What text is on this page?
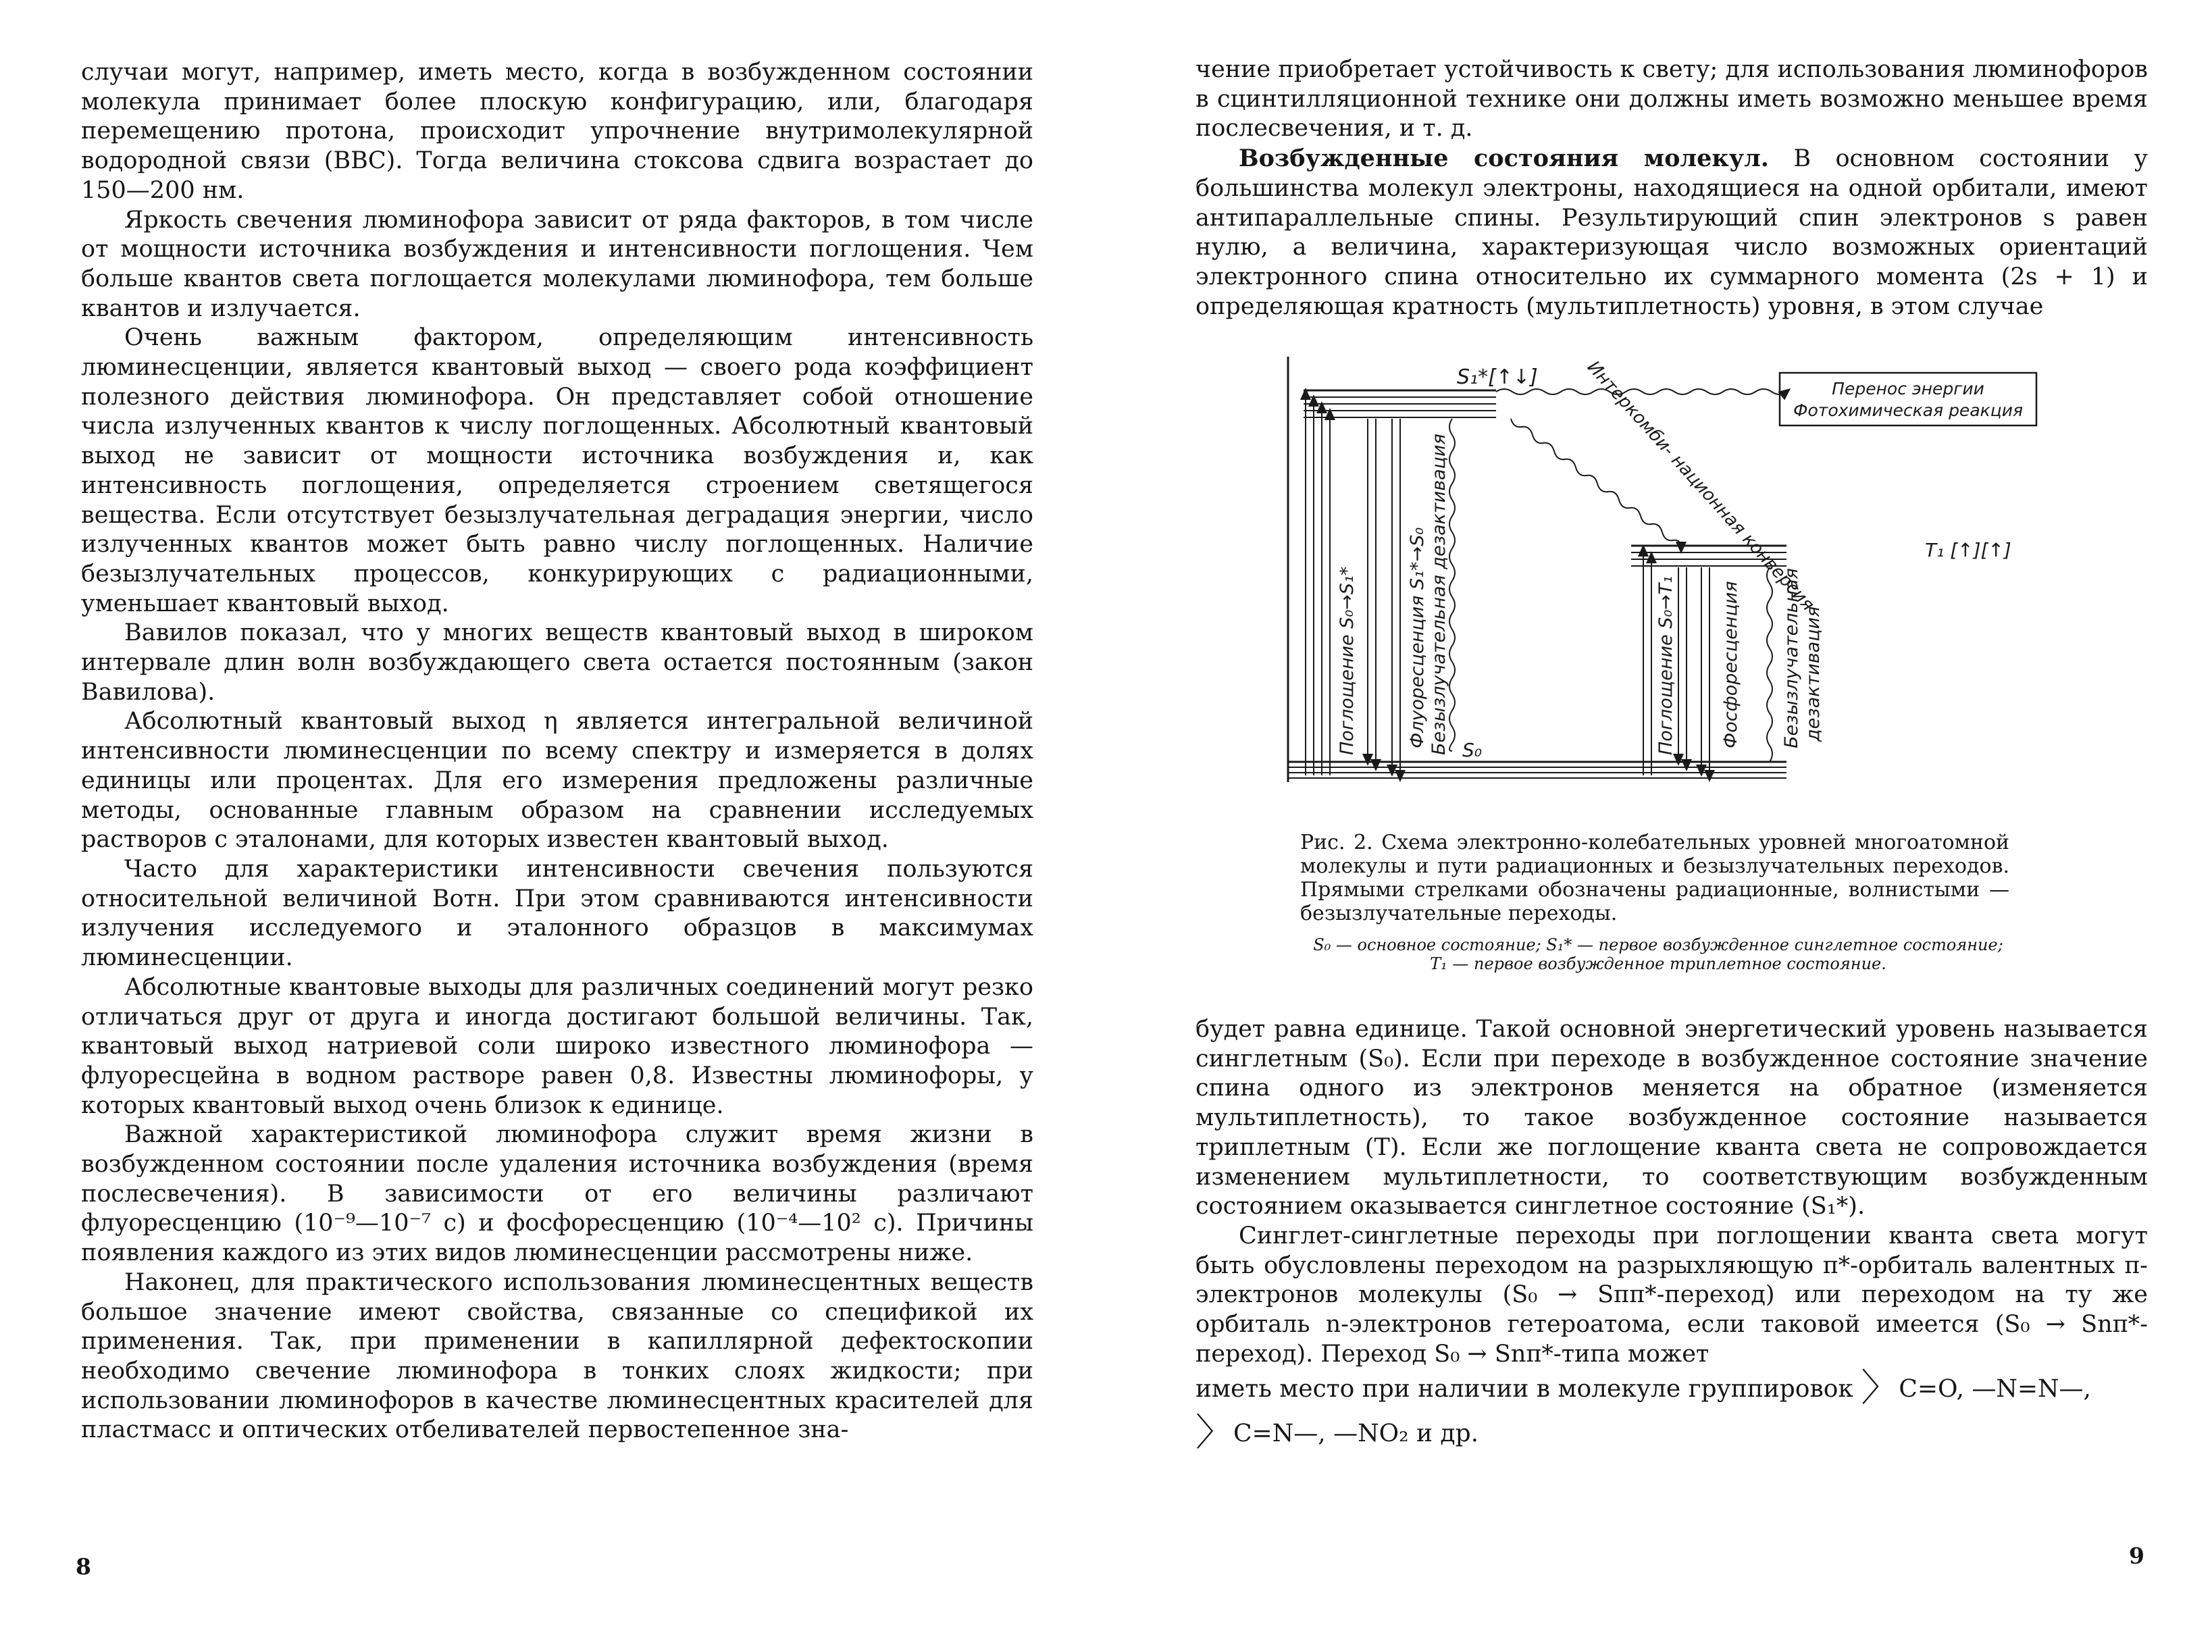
случаи могут, например, иметь место, когда в возбужденном состоянии молекула принимает более плоскую конфигурацию, или, благодаря перемещению протона, происходит упрочнение внутримолекулярной водородной связи (ВВС). Тогда величина стоксова сдвига возрастает до 150—200 нм.

Яркость свечения люминофора зависит от ряда факторов, в том числе от мощности источника возбуждения и интенсивности поглощения. Чем больше квантов света поглощается молекулами люминофора, тем больше квантов и излучается.

Очень важным фактором, определяющим интенсивность люминесценции, является квантовый выход — своего рода коэффициент полезного действия люминофора. Он представляет собой отношение числа излученных квантов к числу поглощенных. Абсолютный квантовый выход не зависит от мощности источника возбуждения и, как интенсивность поглощения, определяется строением светящегося вещества. Если отсутствует безызлучательная деградация энергии, число излученных квантов может быть равно числу поглощенных. Наличие безызлучательных процессов, конкурирующих с радиационными, уменьшает квантовый выход.

Вавилов показал, что у многих веществ квантовый выход в широком интервале длин волн возбуждающего света остается постоянным (закон Вавилова).

Абсолютный квантовый выход η является интегральной величиной интенсивности люминесценции по всему спектру и измеряется в долях единицы или процентах. Для его измерения предложены различные методы, основанные главным образом на сравнении исследуемых растворов с эталонами, для которых известен квантовый выход.

Часто для характеристики интенсивности свечения пользуются относительной величиной Bотн. При этом сравниваются интенсивности излучения исследуемого и эталонного образцов в максимумах люминесценции.

Абсолютные квантовые выходы для различных соединений могут резко отличаться друг от друга и иногда достигают большой величины. Так, квантовый выход натриевой соли широко известного люминофора — флуоресцейна в водном растворе равен 0,8. Известны люминофоры, у которых квантовый выход очень близок к единице.

Важной характеристикой люминофора служит время жизни в возбужденном состоянии после удаления источника возбуждения (время послесвечения). В зависимости от его величины различают флуоресценцию (10⁻⁹—10⁻⁷ с) и фосфоресценцию (10⁻⁴—10² с). Причины появления каждого из этих видов люминесценции рассмотрены ниже.

Наконец, для практического использования люминесцентных веществ большое значение имеют свойства, связанные со спецификой их применения. Так, при применении в капиллярной дефектоскопии необходимо свечение люминофора в тонких слоях жидкости; при использовании люминофоров в качестве люминесцентных красителей для пластмасс и оптических отбеливателей первостепенное зна-

8

чение приобретает устойчивость к свету; для использования люминофоров в сцинтилляционной технике они должны иметь возможно меньшее время послесвечения, и т. д.

Возбужденные состояния молекул. В основном состоянии у большинства молекул электроны, находящиеся на одной орбитали, имеют антипараллельные спины. Результирующий спин электронов s равен нулю, а величина, характеризующая число возможных ориентаций электронного спина относительно их суммарного момента (2s + 1) и определяющая кратность (мультиплетность) уровня, в этом случае

Перенос энергии
Фотохимическая реакция
S₁*[↑↓]	Интеркомби- национная конверсия	T₁ [↑][↑]
Поглощение S₀→S₁*	Флуоресценция S₁*→S₀ Безызлучательная дезактивация S₀	Поглощение S₀→T₁ Фосфоресценция Безызлучательная дезактивация

Рис. 2. Схема электронно-колебательных уровней многоатомной молекулы и пути радиационных и безызлучательных переходов. Прямыми стрелками обозначены радиационные, волнистыми — безызлучательные переходы.

S₀ — основное состояние; S₁* — первое возбужденное синглетное состояние; T₁ — первое возбужденное триплетное состояние.

будет равна единице. Такой основной энергетический уровень называется синглетным (S₀). Если при переходе в возбужденное состояние значение спина одного из электронов меняется на обратное (изменяется мультиплетность), то такое возбужденное состояние называется триплетным (T). Если же поглощение кванта света не сопровождается изменением мультиплетности, то соответствующим возбужденным состоянием оказывается синглетное состояние (S₁*).

Синглет-синглетные переходы при поглощении кванта света могут быть обусловлены переходом на разрыхляющую π*-орбиталь валентных π-электронов молекулы (S₀ → Sππ*-переход) или переходом на ту же орбиталь n-электронов гетероатома, если таковой имеется (S₀ → Snπ*-переход). Переход S₀ → Snπ*-типа может

иметь место при наличии в молекуле группировок 〉C=O, —N=N—,

〉C=N—, —NO₂ и др.

9
